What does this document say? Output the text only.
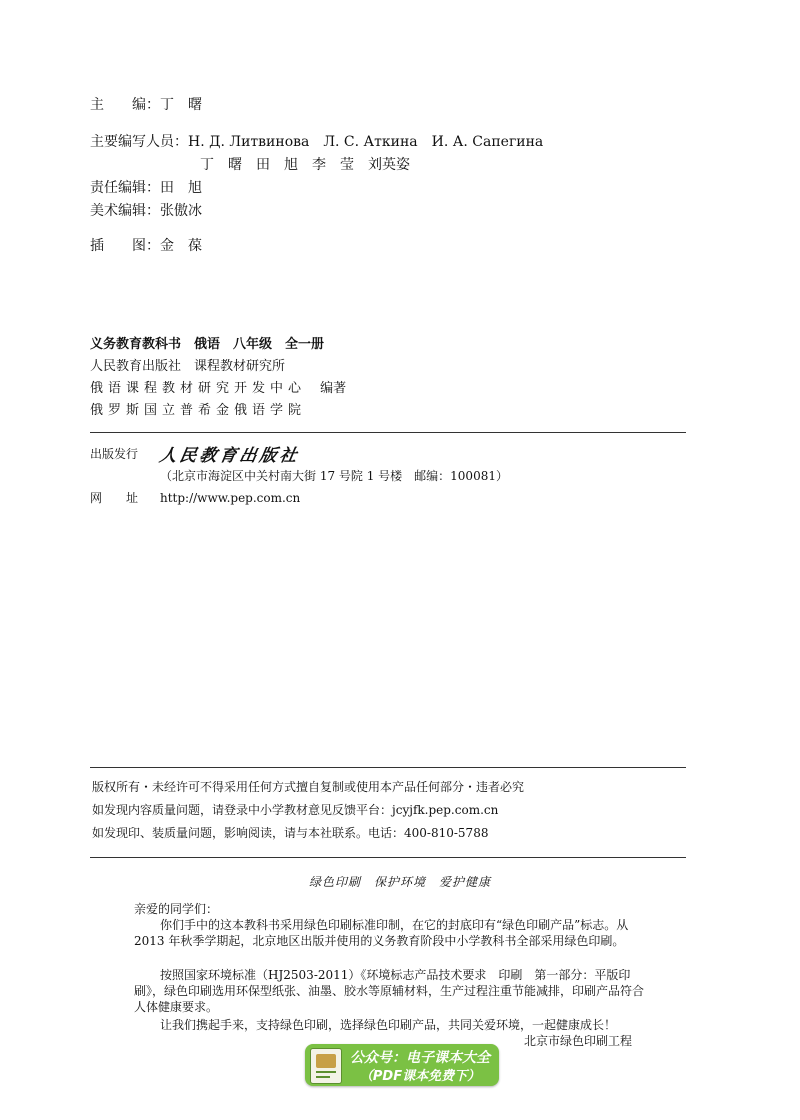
主　　编：丁　曙
主要编写人员：Н. Д. Литвинова　Л. С. Аткина　И. А. Сапегина
丁　曙　田　旭　李　莹　刘英姿
责任编辑：田　旭
美术编辑：张傲冰
插　　图：金　葆
义务教育教科书　俄语　八年级　全一册
人民教育出版社　课程教材研究所
俄语课程教材研究开发中心 编著
俄罗斯国立普希金俄语学院
出版发行 人民教育出版社
（北京市海淀区中关村南大街 17 号院 1 号楼　邮编：100081）
网　　址 http://www.pep.com.cn
版权所有・未经许可不得采用任何方式擅自复制或使用本产品任何部分・违者必究
如发现内容质量问题，请登录中小学教材意见反馈平台：jcyjfk.pep.com.cn
如发现印、装质量问题，影响阅读，请与本社联系。电话：400-810-5788
绿色印刷　保护环境　爱护健康
亲爱的同学们：
你们手中的这本教科书采用绿色印刷标准印制，在它的封底印有“绿色印刷产品”标志。从 2013 年秋季学期起，北京地区出版并使用的义务教育阶段中小学教科书全部采用绿色印刷。
按照国家环境标准（HJ2503-2011）《环境标志产品技术要求　印刷　第一部分：平版印刷》，绿色印刷选用环保型纸张、油墨、胶水等原辅材料，生产过程注重节能减排，印刷产品符合人体健康要求。
让我们携起手来，支持绿色印刷，选择绿色印刷产品，共同关爱环境，一起健康成长！
北京市绿色印刷工程
公众号：电子课本大全
（PDF课本免费下）
